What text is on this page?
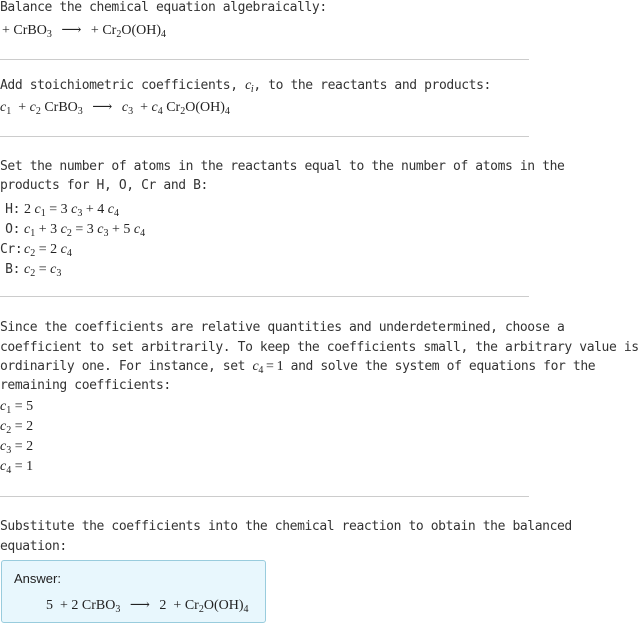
Balance the chemical equation algebraically:
+ CrBO$_3$ ⟶ + $Cr_2O(OH)_4$
Add stoichiometric coefficients, $c_i$, to the reactants and products:
$c_1 + c_2$ CrBO$_3$ ⟶ $c_3 + c_4$ $Cr_2O(OH)_4$
Set the number of atoms in the reactants equal to the number of atoms in the
products for H, O, Cr and B:
H: 2 $c_1 = 3$ $c_3 + 4$ $c_4$
O: $c_1 + 3$ $c_2 = 3$ $c_3 + 5$ $c_4$
Cr: $c_2 = 2$ $c_4$
B: $c_2 = c_3$
Since the coefficients are relative quantities and underdetermined, choose a
coefficient to set arbitrarily. To keep the coefficients small, the arbitrary value is
ordinarily one. For instance, set $c_4 = 1$ and solve the system of equations for the
remaining coefficients:
$c_1 = 5$
$c_2 = 2$
$c_3 = 2$
$c_4 = 1$
Substitute the coefficients into the chemical reaction to obtain the balanced
equation:
Answer:
5  + 2 CrBO$_3$ ⟶ $2 + Cr_2O(OH)_4$
